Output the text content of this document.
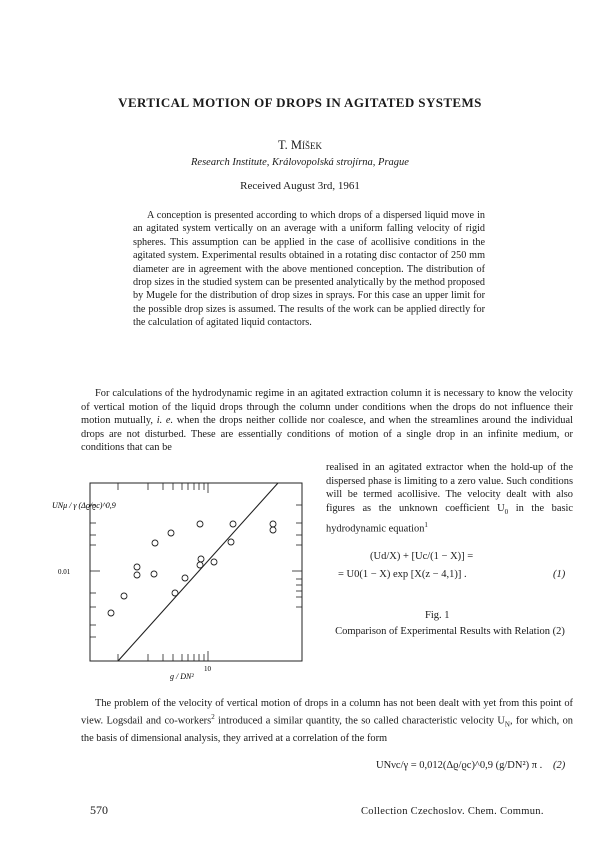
VERTICAL MOTION OF DROPS IN AGITATED SYSTEMS
T. Míšek
Research Institute, Královopolská strojírna, Prague
Received August 3rd, 1961

A conception is presented according to which drops of a dispersed liquid move in an agitated system vertically on an average with a uniform falling velocity of rigid spheres. This assumption can be applied in the case of acollisive conditions in the agitated system. Experimental results obtained in a rotating disc contactor of 250 mm diameter are in agreement with the above mentioned conception. The distribution of drop sizes in the studied system can be presented analytically by the method proposed by Mugele for the distribution of drop sizes in sprays. For this case an upper limit for the possible drop sizes is assumed. The results of the work can be applied directly for the calculation of agitated liquid contactors.

For calculations of the hydrodynamic regime in an agitated extraction column it is necessary to know the velocity of vertical motion of the liquid drops through the column under conditions when the drops do not influence their motion mutually, i. e. when the drops neither collide nor coalesce, and when the streamlines around the individual drops are not disturbed. These are essentially conditions of motion of a single drop in an infinite medium, or conditions that can be

realised in an agitated extractor when the hold-up of the dispersed phase is limiting to a zero value. Such conditions will be termed acollisive. The velocity dealt with also figures as the unknown coefficient $U_0$ in the basic hydrodynamic equation$^1$

(Ud/X) + [Uc/(1 − X)] =
= U0(1 − X) exp [X(z − 4,1)] .	(1)
Fig. 1
Comparison of Experimental Results with Relation (2)
UNμ / γ (Δϱ/ϱc)^0,9
0.01
10
g / DN²

The problem of the velocity of vertical motion of drops in a column has not been dealt with yet from this point of view. Logsdail and co-workers$^2$ introduced a similar quantity, the so called characteristic velocity $U_N$, for which, on the basis of dimensional analysis, they arrived at a correlation of the form

UNνc/γ = 0,012(Δϱ/ϱc)^0,9 (g/DN²) π . (2)
570	Collection Czechoslov. Chem. Commun.
